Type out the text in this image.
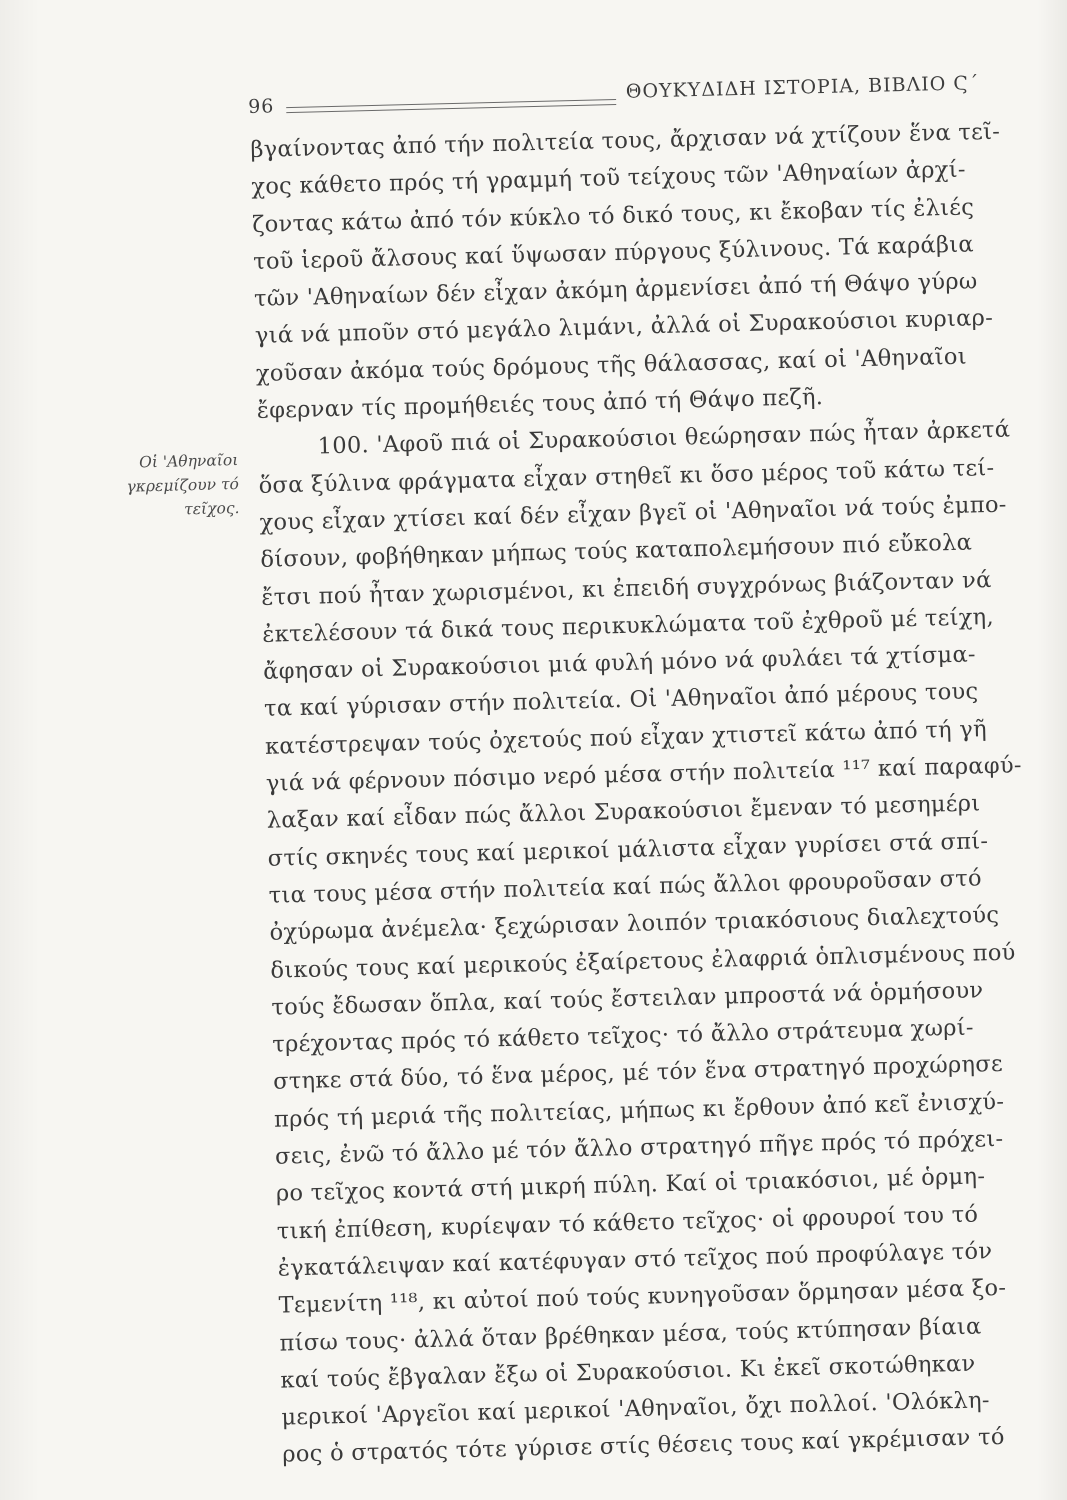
96
ΘΟΥΚΥΔΙΔΗ ΙΣΤΟΡΙΑ, ΒΙΒΛΙΟ Ϛ΄
Οἱ 'Αθηναῖοι
γκρεμίζουν τό
τεῖχος.
βγαίνοντας ἀπό τήν πολιτεία τους, ἄρχισαν νά χτίζουν ἕνα τεῖ-
χος κάθετο πρός τή γραμμή τοῦ τείχους τῶν 'Αθηναίων ἀρχί-
ζοντας κάτω ἀπό τόν κύκλο τό δικό τους, κι ἔκοβαν τίς ἐλιές
τοῦ ἱεροῦ ἄλσους καί ὕψωσαν πύργους ξύλινους. Τά καράβια
τῶν 'Αθηναίων δέν εἶχαν ἀκόμη ἀρμενίσει ἀπό τή Θάψο γύρω
γιά νά μποῦν στό μεγάλο λιμάνι, ἀλλά οἱ Συρακούσιοι κυριαρ-
χοῦσαν ἀκόμα τούς δρόμους τῆς θάλασσας, καί οἱ 'Αθηναῖοι
ἔφερναν τίς προμήθειές τους ἀπό τή Θάψο πεζῆ.
100. 'Αφοῦ πιά οἱ Συρακούσιοι θεώρησαν πώς ἦταν ἀρκετά
ὅσα ξύλινα φράγματα εἶχαν στηθεῖ κι ὅσο μέρος τοῦ κάτω τεί-
χους εἶχαν χτίσει καί δέν εἶχαν βγεῖ οἱ 'Αθηναῖοι νά τούς ἐμπο-
δίσουν, φοβήθηκαν μήπως τούς καταπολεμήσουν πιό εὔκολα
ἔτσι πού ἦταν χωρισμένοι, κι ἐπειδή συγχρόνως βιάζονταν νά
ἐκτελέσουν τά δικά τους περικυκλώματα τοῦ ἐχθροῦ μέ τείχη,
ἄφησαν οἱ Συρακούσιοι μιά φυλή μόνο νά φυλάει τά χτίσμα-
τα καί γύρισαν στήν πολιτεία. Οἱ 'Αθηναῖοι ἀπό μέρους τους
κατέστρεψαν τούς ὀχετούς πού εἶχαν χτιστεῖ κάτω ἀπό τή γῆ
γιά νά φέρνουν πόσιμο νερό μέσα στήν πολιτεία ¹¹⁷ καί παραφύ-
λαξαν καί εἶδαν πώς ἄλλοι Συρακούσιοι ἔμεναν τό μεσημέρι
στίς σκηνές τους καί μερικοί μάλιστα εἶχαν γυρίσει στά σπί-
τια τους μέσα στήν πολιτεία καί πώς ἄλλοι φρουροῦσαν στό
ὀχύρωμα ἀνέμελα· ξεχώρισαν λοιπόν τριακόσιους διαλεχτούς
δικούς τους καί μερικούς ἐξαίρετους ἐλαφριά ὁπλισμένους πού
τούς ἔδωσαν ὅπλα, καί τούς ἔστειλαν μπροστά νά ὁρμήσουν
τρέχοντας πρός τό κάθετο τεῖχος· τό ἄλλο στράτευμα χωρί-
στηκε στά δύο, τό ἕνα μέρος, μέ τόν ἕνα στρατηγό προχώρησε
πρός τή μεριά τῆς πολιτείας, μήπως κι ἔρθουν ἀπό κεῖ ἐνισχύ-
σεις, ἐνῶ τό ἄλλο μέ τόν ἄλλο στρατηγό πῆγε πρός τό πρόχει-
ρο τεῖχος κοντά στή μικρή πύλη. Καί οἱ τριακόσιοι, μέ ὁρμη-
τική ἐπίθεση, κυρίεψαν τό κάθετο τεῖχος· οἱ φρουροί του τό
ἐγκατάλειψαν καί κατέφυγαν στό τεῖχος πού προφύλαγε τόν
Τεμενίτη ¹¹⁸, κι αὐτοί πού τούς κυνηγοῦσαν ὅρμησαν μέσα ξο-
πίσω τους· ἀλλά ὅταν βρέθηκαν μέσα, τούς κτύπησαν βίαια
καί τούς ἔβγαλαν ἔξω οἱ Συρακούσιοι. Κι ἐκεῖ σκοτώθηκαν
μερικοί 'Αργεῖοι καί μερικοί 'Αθηναῖοι, ὄχι πολλοί. 'Ολόκλη-
ρος ὁ στρατός τότε γύρισε στίς θέσεις τους καί γκρέμισαν τό
